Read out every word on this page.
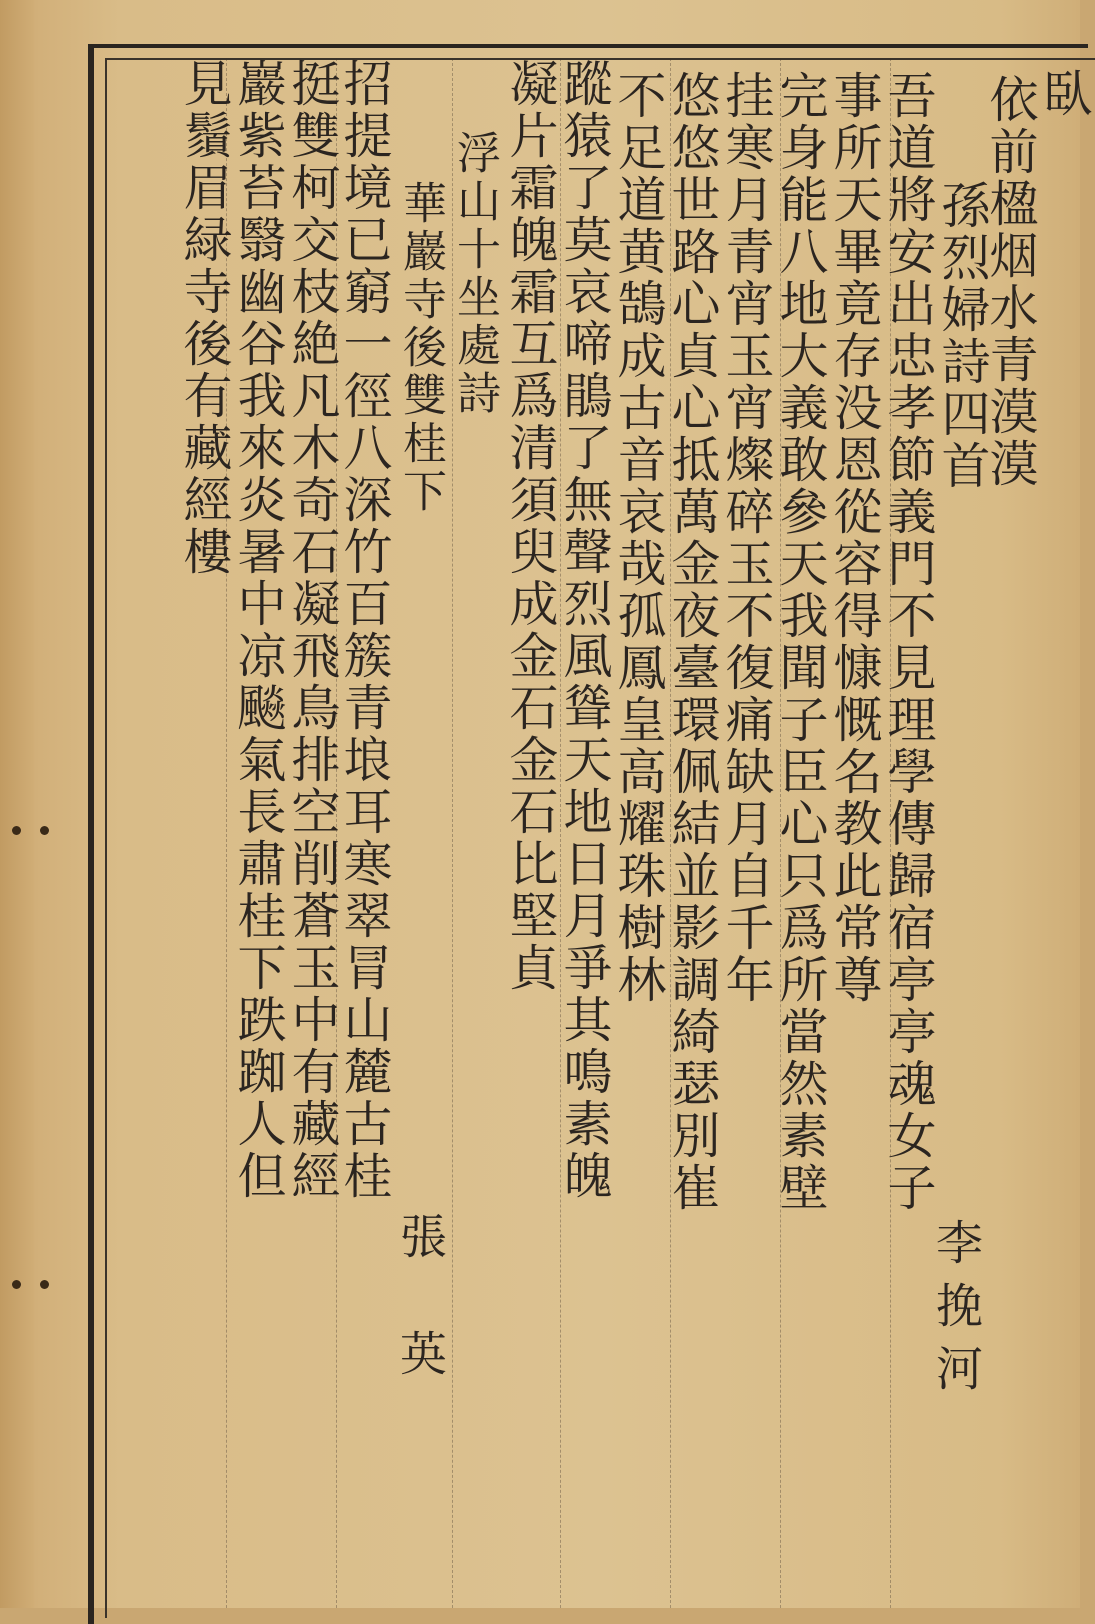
臥
依前楹烟水青漠漠
孫烈婦詩四首
吾道將安出忠孝節義門不見理學傳歸宿亭亭魂女子
事所天畢竟存没恩從容得慷慨名教此常尊
完身能八地大義敢參天我聞子臣心只爲所當然素壁
挂寒月青宵玉宵燦碎玉不復痛缺月自千年
悠悠世路心貞心抵萬金夜臺環佩結並影調綺瑟別崔
不足道黄鵠成古音哀哉孤鳳皇高耀珠樹林
蹤猿了莫哀啼鵑了無聲烈風聳天地日月爭其鳴素魄
凝片霜魄霜互爲清須臾成金石金石比堅貞
浮山十坐處詩
華巖寺後雙桂下
招提境已窮一徑八深竹百簇青埌耳寒翠冐山麓古桂
挺雙柯交枝絶凡木奇石凝飛鳥排空削蒼玉中有藏經
巖紫苔翳幽谷我來炎暑中凉飈氣長肅桂下跌踟人但
見鬚眉緑寺後有藏經樓
李挽河
張英
